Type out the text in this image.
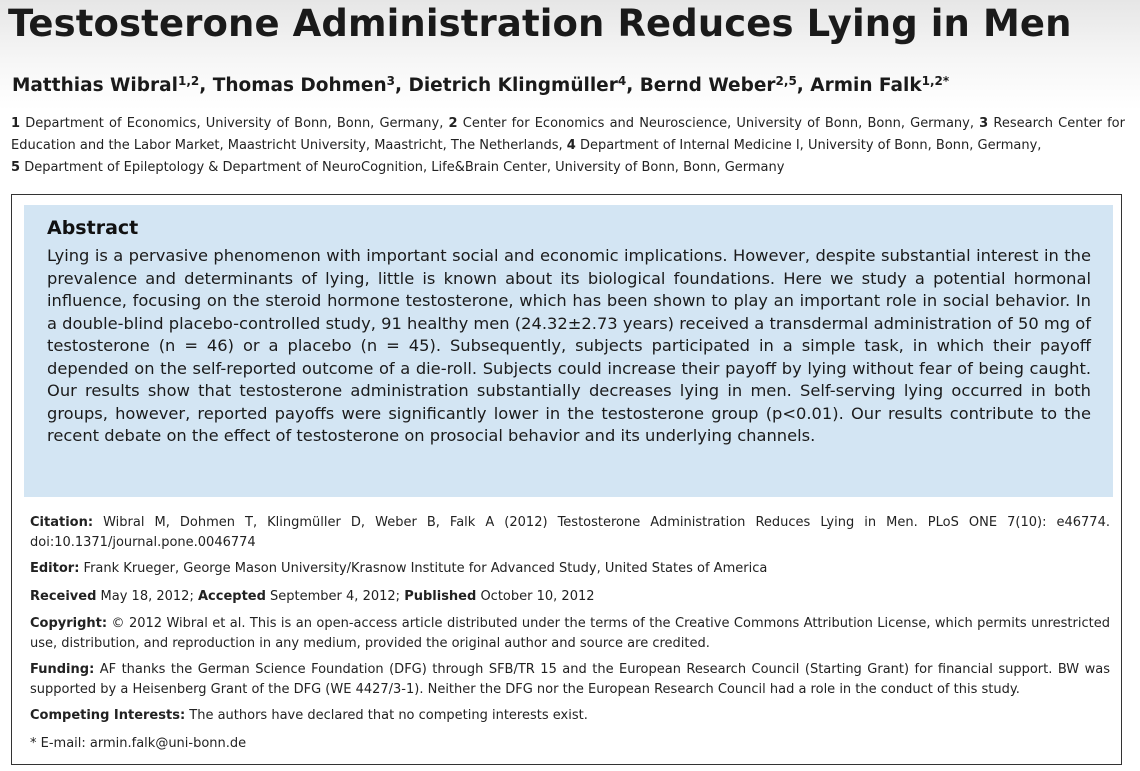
Testosterone Administration Reduces Lying in Men
Matthias Wibral$^{1,2}$, Thomas Dohmen$^3$, Dietrich Klingmüller$^4$, Bernd Weber$^{2,5}$, Armin Falk$^{1,2*}$
1 Department of Economics, University of Bonn, Bonn, Germany, 2 Center for Economics and Neuroscience, University of Bonn, Bonn, Germany, 3 Research Center for Education and the Labor Market, Maastricht University, Maastricht, The Netherlands, 4 Department of Internal Medicine I, University of Bonn, Bonn, Germany,
5 Department of Epileptology & Department of NeuroCognition, Life&Brain Center, University of Bonn, Bonn, Germany
Abstract
Lying is a pervasive phenomenon with important social and economic implications. However, despite substantial interest in the prevalence and determinants of lying, little is known about its biological foundations. Here we study a potential hormonal influence, focusing on the steroid hormone testosterone, which has been shown to play an important role in social behavior. In a double-blind placebo-controlled study, 91 healthy men (24.32±2.73 years) received a transdermal administration of 50 mg of testosterone (n = 46) or a placebo (n = 45). Subsequently, subjects participated in a simple task, in which their payoff depended on the self-reported outcome of a die-roll. Subjects could increase their payoff by lying without fear of being caught. Our results show that testosterone administration substantially decreases lying in men. Self-serving lying occurred in both groups, however, reported payoffs were significantly lower in the testosterone group (p<0.01). Our results contribute to the recent debate on the effect of testosterone on prosocial behavior and its underlying channels.
Citation: Wibral M, Dohmen T, Klingmüller D, Weber B, Falk A (2012) Testosterone Administration Reduces Lying in Men. PLoS ONE 7(10): e46774. doi:10.1371/journal.pone.0046774
Editor: Frank Krueger, George Mason University/Krasnow Institute for Advanced Study, United States of America
Received May 18, 2012; Accepted September 4, 2012; Published October 10, 2012
Copyright: © 2012 Wibral et al. This is an open-access article distributed under the terms of the Creative Commons Attribution License, which permits unrestricted use, distribution, and reproduction in any medium, provided the original author and source are credited.
Funding: AF thanks the German Science Foundation (DFG) through SFB/TR 15 and the European Research Council (Starting Grant) for financial support. BW was supported by a Heisenberg Grant of the DFG (WE 4427/3-1). Neither the DFG nor the European Research Council had a role in the conduct of this study.
Competing Interests: The authors have declared that no competing interests exist.
* E-mail: armin.falk@uni-bonn.de
